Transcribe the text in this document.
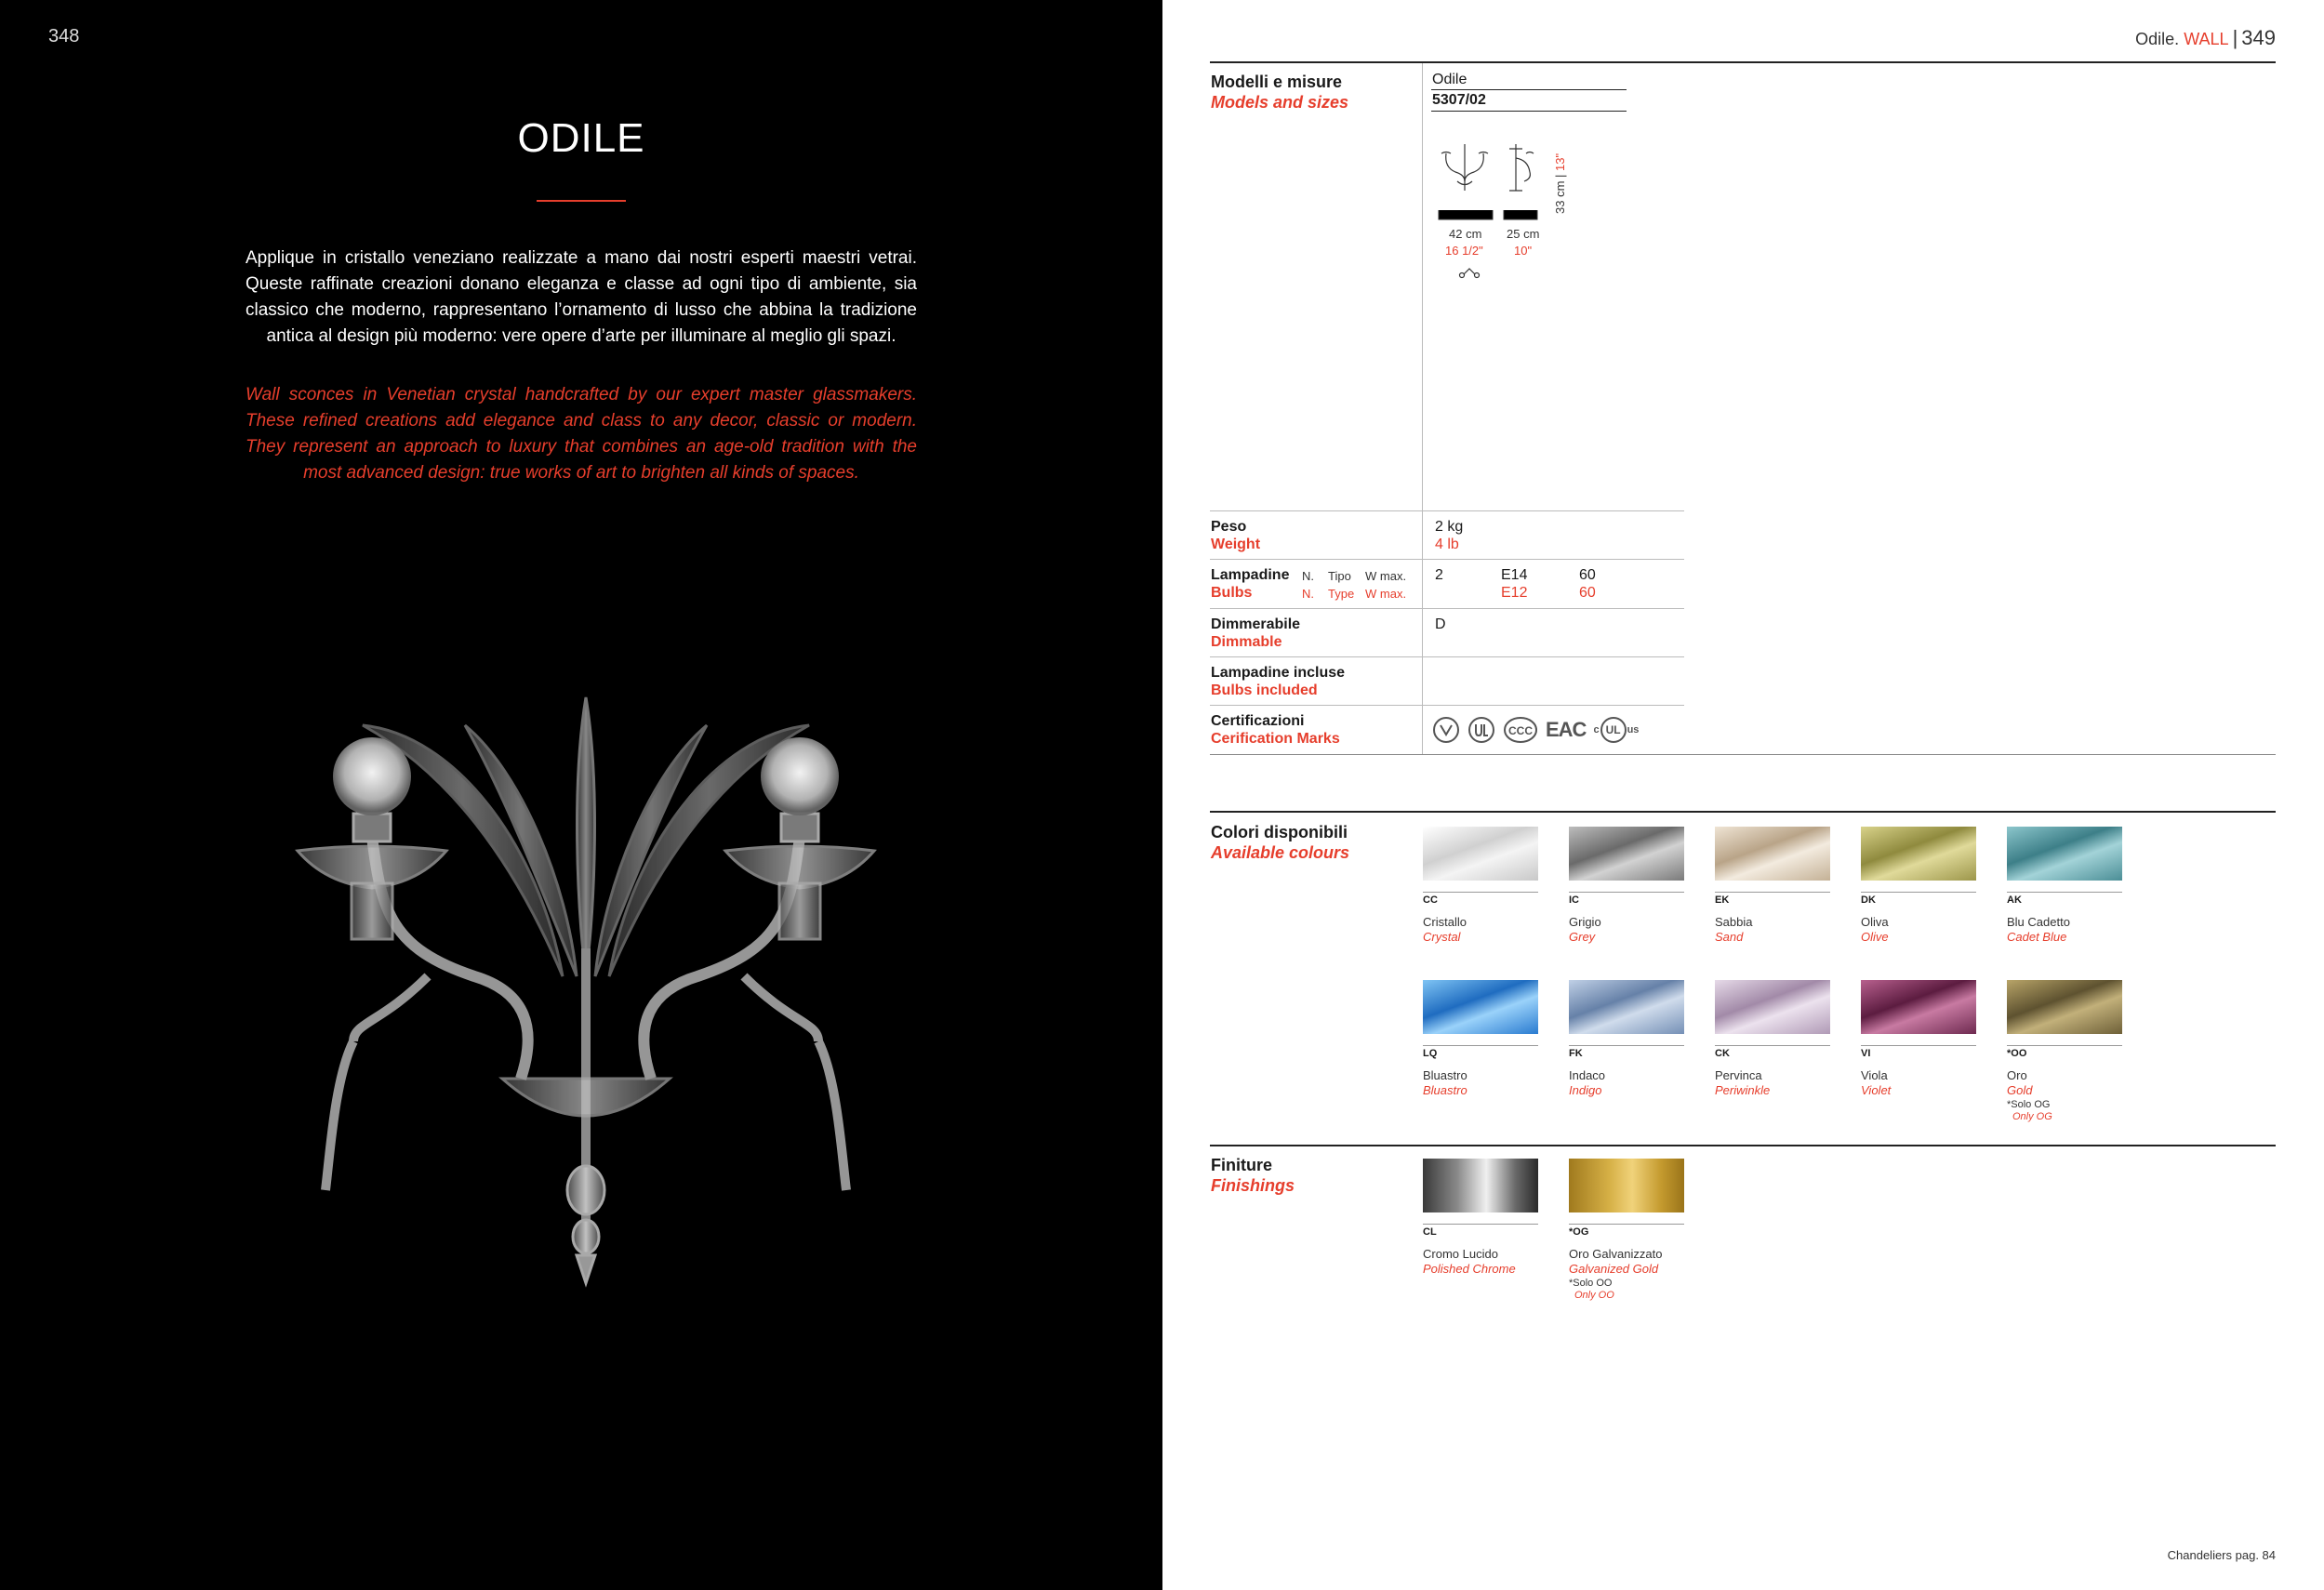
348
ODILE

Applique in cristallo veneziano realizzate a mano dai nostri esperti maestri vetrai. Queste raffinate creazioni donano eleganza e classe ad ogni tipo di ambiente, sia classico che moderno, rappresentano l’ornamento di lusso che abbina la tradizione antica al design più moderno: vere opere d’arte per illuminare al meglio gli spazi.

Wall sconces in Venetian crystal handcrafted by our expert master glassmakers. These refined creations add elegance and class to any decor, classic or modern. They represent an approach to luxury that combines an age-old tradition with the most advanced design: true works of art to brighten all kinds of spaces.

Odile. WALL | 349
Modelli e misure
Models and sizes
Odile
5307/02
42 cm
16 1/2"
25 cm
10"
33 cm | 13"
Peso
Weight
2 kg
4 lb
Lampadine
Bulbs
N.
N.
Tipo
Type
W max.
W max.
2	E14
E12
60
60
Dimmerabile
Dimmable
D
Lampadine incluse
Bulbs included
Certificazioni
Cerification Marks	CCC EAC c UL us
Colori disponibili
Available colours
CC
Cristallo
Crystal
IC
Grigio
Grey
EK
Sabbia
Sand
DK
Oliva
Olive
AK
Blu Cadetto
Cadet Blue
LQ
Bluastro
Bluastro
FK
Indaco
Indigo
CK
Pervinca
Periwinkle
VI
Viola
Violet
*OO
Oro
Gold
*Solo OG
Only OG
Finiture
Finishings
CL
Cromo Lucido
Polished Chrome
*OG
Oro Galvanizzato
Galvanized Gold
*Solo OO
Only OO
Chandeliers pag. 84
